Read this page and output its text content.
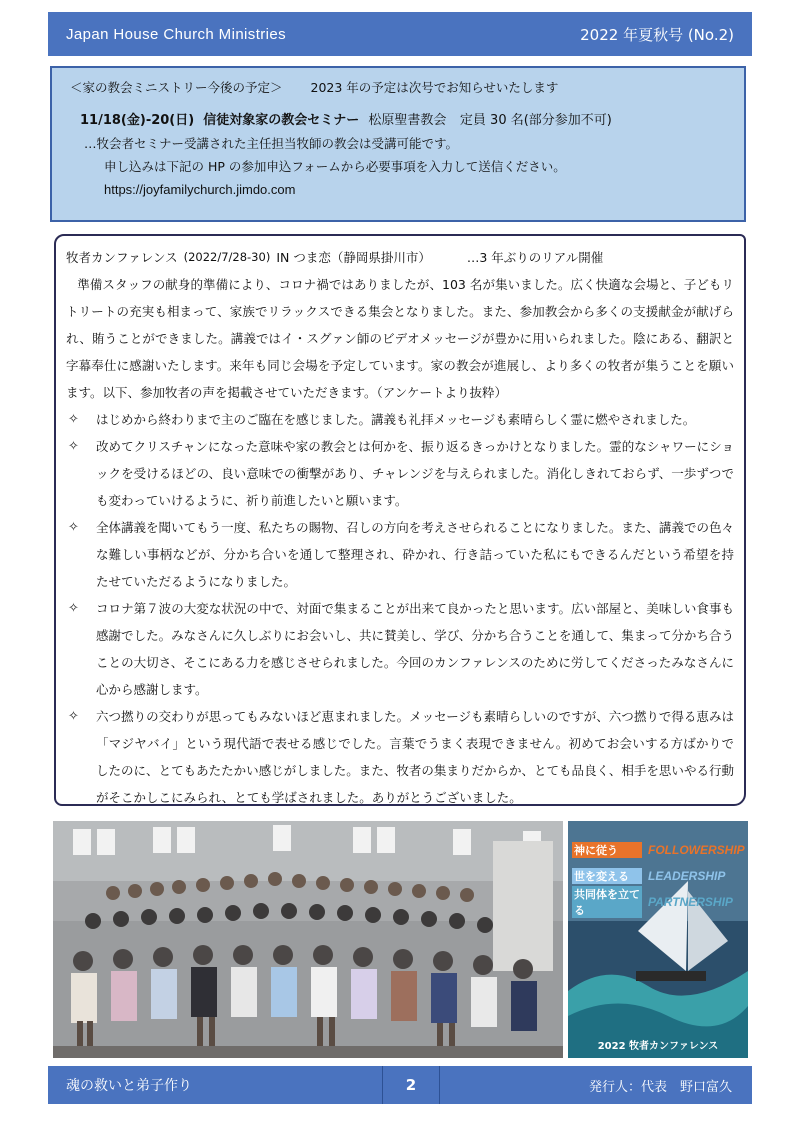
Japan House Church Ministries	2022 年夏秋号 (No.2)
＜家の教会ミニストリー今後の予定＞ 2023 年の予定は次号でお知らせいたします
11/18(金)-20(日) 信徒対象家の教会セミナー 松原聖書教会 定員 30 名(部分参加不可)
…牧会者セミナー受講された主任担当牧師の教会は受講可能です。
申し込みは下記の HP の参加申込フォームから必要事項を入力して送信ください。
https://joyfamilychurch.jimdo.com
牧者カンファレンス (2022/7/28-30) IN つま恋（静岡県掛川市）	…3 年ぶりのリアル開催
準備スタッフの献身的準備により、コロナ禍ではありましたが、103 名が集いました。広く快適な会場と、子どもリトリートの充実も相まって、家族でリラックスできる集会となりました。また、参加教会から多くの支援献金が献げられ、賄うことができました。講義ではイ・スグァン師のビデオメッセージが豊かに用いられました。陰にある、翻訳と字幕奉仕に感謝いたします。来年も同じ会場を予定しています。家の教会が進展し、より多くの牧者が集うことを願います。以下、参加牧者の声を掲載させていただきます。（アンケートより抜粋）
✧ はじめから終わりまで主のご臨在を感じました。講義も礼拝メッセージも素晴らしく霊に燃やされました。
✧ 改めてクリスチャンになった意味や家の教会とは何かを、振り返るきっかけとなりました。霊的なシャワーにショックを受けるほどの、良い意味での衝撃があり、チャレンジを与えられました。消化しきれておらず、一歩ずつでも変わっていけるように、祈り前進したいと願います。
✧ 全体講義を聞いてもう一度、私たちの賜物、召しの方向を考えさせられることになりました。また、講義での色々な難しい事柄などが、分かち合いを通して整理され、砕かれ、行き詰っていた私にもできるんだという希望を持たせていただるようになりました。
✧ コロナ第７波の大変な状況の中で、対面で集まることが出来て良かったと思います。広い部屋と、美味しい食事も感謝でした。みなさんに久しぶりにお会いし、共に賛美し、学び、分かち合うことを通して、集まって分かち合うことの大切さ、そこにある力を感じさせられました。今回のカンファレンスのために労してくださったみなさんに心から感謝します。
✧ 六つ撚りの交わりが思ってもみないほど恵まれました。メッセージも素晴らしいのですが、六つ撚りで得る恵みは「マジヤバイ」という現代語で表せる感じでした。言葉でうまく表現できません。初めてお会いする方ばかりでしたのに、とてもあたたかい感じがしました。また、牧者の集まりだからか、とても品良く、相手を思いやる行動がそこかしこにみられ、とても学ばされました。ありがとうございました。
神に従う	FOLLOWERSHIP
世を変える	LEADERSHIP
共同体を立てる
PARTNERSHIP
2022 牧者カンファレンス
魂の救いと弟子作り	2	発行人：代表　野口富久
